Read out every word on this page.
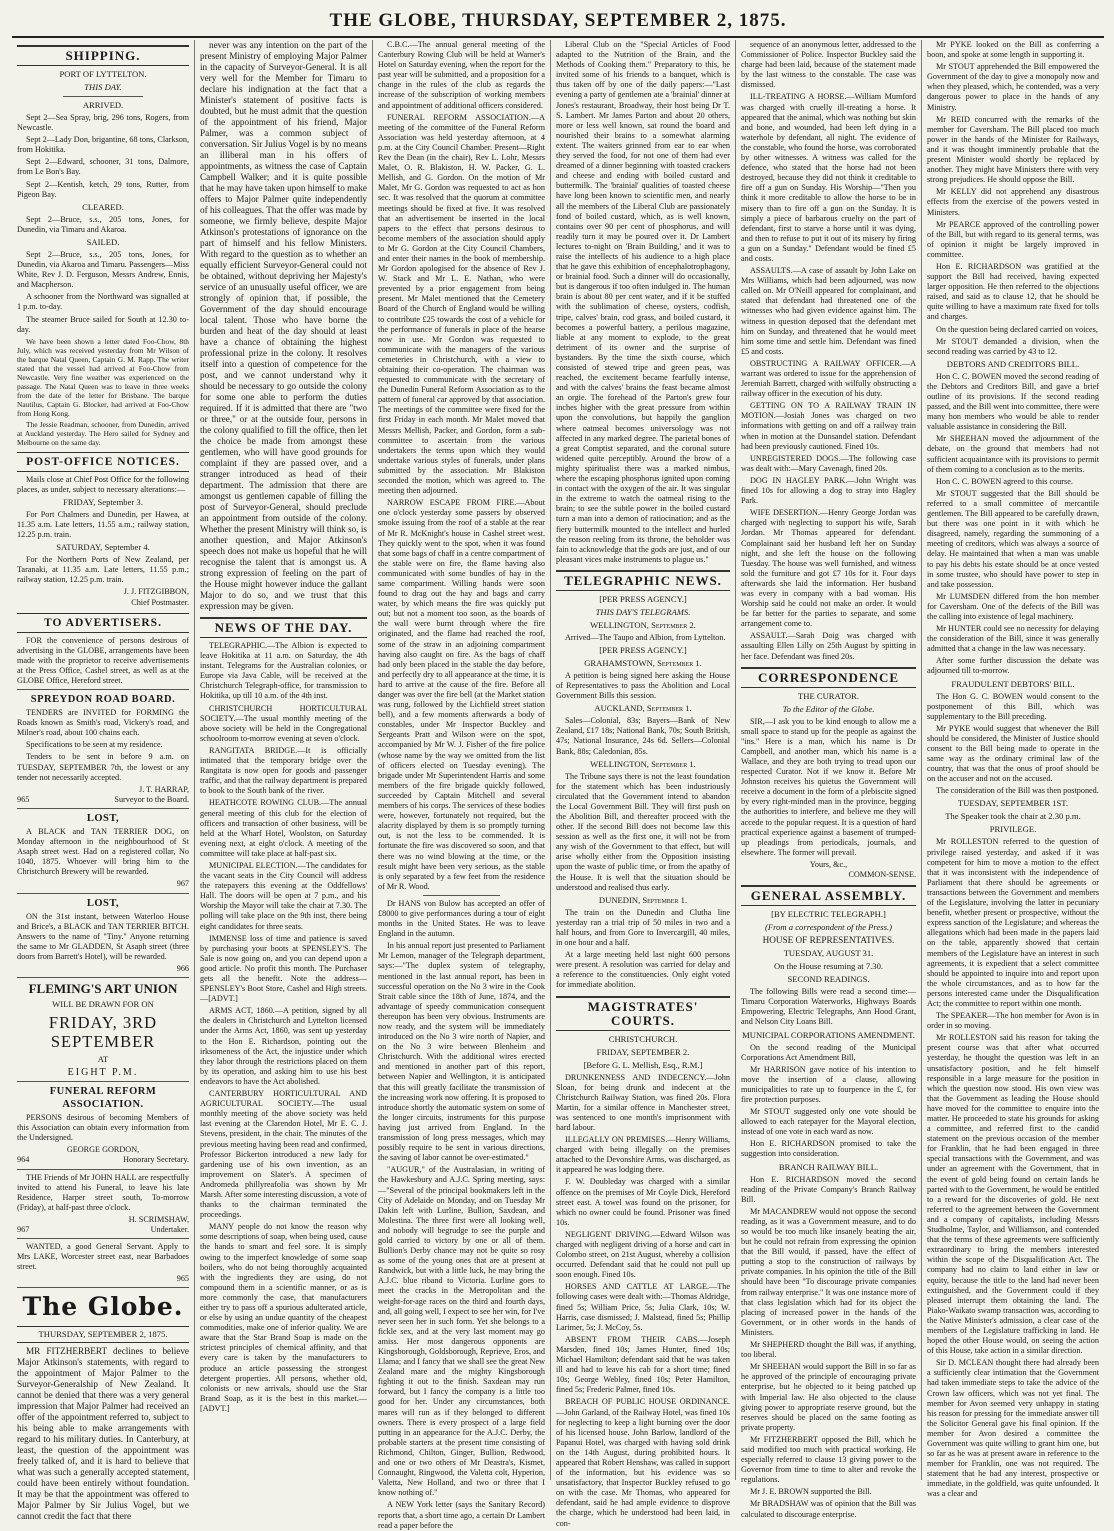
THE GLOBE, THURSDAY, SEPTEMBER 2, 1875.
SHIPPING.
PORT OF LYTTELTON.
THIS DAY.
ARRIVED.
Sept 2—Sea Spray, brig, 296 tons, Rogers, from Newcastle.
Sept 2—Lady Don, brigantine, 68 tons, Clarkson, from Hokitika.
Sept 2—Edward, schooner, 31 tons, Dalmore, from Le Bon's Bay.
Sept 2—Kentish, ketch, 29 tons, Rutter, from Pigeon Bay.
CLEARED.
Sept 2—Bruce, s.s., 205 tons, Jones, for Dunedin, via Timaru and Akaroa.
SAILED.
Sept 2—Bruce, s.s., 205 tons, Jones, for Dunedin, via Akaroa and Timaru. Passengers—Miss White, Rev J. D. Ferguson, Messrs Andrew, Ennis, and Macpherson.
A schooner from the Northward was signalled at 1 p.m. to-day.
The steamer Bruce sailed for South at 12.30 to-day.
We have been shown a letter dated Foo-Chow, 8th July, which was received yesterday from Mr Wilson of the barque Natal Queen, Captain G. M. Rapp. The writer stated that the vessel had arrived at Foo-Chow from Newcastle. Very fine weather was experienced on the passage. The Natal Queen was to leave in three weeks from the date of the letter for Brisbane. The barque Nautilus, Captain G. Blocker, had arrived at Foo-Chow from Hong Kong.
The Jessie Readman, schooner, from Dunedin, arrived at Auckland yesterday. The Hero sailed for Sydney and Melbourne on the same day.
POST-OFFICE NOTICES.
Mails close at Chief Post Office for the following places, as under, subject to necessary alterations:—
FRIDAY, September 3.
For Port Chalmers and Dunedin, per Hawea, at 11.35 a.m. Late letters, 11.55 a.m.; railway station, 12.25 p.m. train.
SATURDAY, September 4.
For the Northern Ports of New Zealand, per Taranaki, at 11.35 a.m. Late letters, 11.55 p.m.; railway station, 12.25 p.m. train.
J. J. FITZGIBBON,
Chief Postmaster.
TO ADVERTISERS.
FOR the convenience of persons desirous of advertising in the GLOBE, arrangements have been made with the proprietor to receive advertisements at the Press Office, Cashel street, as well as at the GLOBE Office, Hereford street.
SPREYDON ROAD BOARD.
TENDERS are INVITED for FORMING the Roads known as Smith's road, Vickery's road, and Milner's road, about 100 chains each.
Specifications to be seen at my residence.
Tenders to be sent in before 9 a.m. on TUESDAY, SEPTEMBER 7th, the lowest or any tender not necessarily accepted.
J. T. HARRAP,
965	Surveyor to the Board.
LOST,
A BLACK and TAN TERRIER DOG, on Monday afternoon in the neighbourhood of St Asaph street west. Had on a registered collar, No 1040, 1875. Whoever will bring him to the Christchurch Brewery will be rewarded.
967
LOST,
ON the 31st instant, between Waterloo House and Brice's, a BLACK and TAN TERRIER BITCH. Answers to the name of "Tiny." Anyone returning the same to Mr GLADDEN, St Asaph street (three doors from Barrett's Hotel), will be rewarded.
966
FLEMING'S ART UNION
WILL BE DRAWN FOR ON
FRIDAY, 3RD SEPTEMBER
AT
EIGHT P.M.
FUNERAL REFORM ASSOCIATION.
PERSONS desirous of becoming Members of this Association can obtain every information from the Undersigned.
GEORGE GORDON,
964	Honorary Secretary.
THE Friends of Mr JOHN HALL are respectfully invited to attend his Funeral, to leave his late Residence, Harper street south, To-morrow (Friday), at half-past three o'clock.
H. SCRIMSHAW,
967	Undertaker.
WANTED, a good General Servant. Apply to Mrs LAKE, Worcester street east, near Barbadoes street.
965
The Globe.
THURSDAY, SEPTEMBER 2, 1875.
MR FITZHERBERT declines to believe Major Atkinson's statements, with regard to the appointment of Major Palmer to the Surveyor-Generalship of New Zealand. It cannot be denied that there was a very general impression that Major Palmer had received an offer of the appointment referred to, subject to his being able to make arrangements with regard to his military duties. In Canterbury, at least, the question of the appointment was freely talked of, and it is hard to believe that what was such a generally accepted statement, could have been entirely without foundation. It may be that the appointment was offered to Major Palmer by Sir Julius Vogel, but we cannot credit the fact that there
never was any intention on the part of the present Ministry of employing Major Palmer in the capacity of Surveyor-General. It is all very well for the Member for Timaru to declare his indignation at the fact that a Minister's statement of positive facts is doubted, but he must admit that the question of the appointment of his friend, Major Palmer, was a common subject of conversation. Sir Julius Vogel is by no means an illiberal man in his offers of appointments, as witness the case of Captain Campbell Walker; and it is quite possible that he may have taken upon himself to make offers to Major Palmer quite independently of his colleagues. That the offer was made by someone, we firmly believe, despite Major Atkinson's protestations of ignorance on the part of himself and his fellow Ministers. With regard to the question as to whether an equally efficient Surveyor-General could not be obtained, without depriving her Majesty's service of an unusually useful officer, we are strongly of opinion that, if possible, the Government of the day should encourage local talent. Those who have borne the burden and heat of the day should at least have a chance of obtaining the highest professional prize in the colony. It resolves itself into a question of competence for the post, and we cannot understand why it should be necessary to go outside the colony for some one able to perform the duties required. If it is admitted that there are "two or three," or at the outside four, persons in the colony qualified to fill the office, then let the choice be made from amongst these gentlemen, who will have good grounds for complaint if they are passed over, and a stranger introduced as head of their department. The admission that there are amongst us gentlemen capable of filling the post of Surveyor-General, should preclude an appointment from outside of the colony. Whether the present Ministry will think so, is another question, and Major Atkinson's speech does not make us hopeful that he will recognise the talent that is amongst us. A strong expression of feeling on the part of the House might however induce the gallant Major to do so, and we trust that this expression may be given.
NEWS OF THE DAY.
TELEGRAPHIC.—The Albion is expected to leave Hokitika at 11 a.m. on Saturday, the 4th instant. Telegrams for the Australian colonies, or Europe via Java Cable, will be received at the Christchurch Telegraph-office, for transmission to Hokitika, up till 10 a.m. of the 4th inst.
CHRISTCHURCH HORTICULTURAL SOCIETY.—The usual monthly meeting of the above society will be held in the Congregational schoolroom to-morrow evening at seven o'clock.
RANGITATA BRIDGE.—It is officially intimated that the temporary bridge over the Rangitata is now open for goods and passenger traffic, and that the railway department is prepared to book to the South bank of the river.
HEATHCOTE ROWING CLUB.—The annual general meeting of this club for the election of officers and transaction of other business, will be held at the Wharf Hotel, Woolston, on Saturday evening next, at eight o'clock. A meeting of the committee will take place at half-past six.
MUNICIPAL ELECTION.—The candidates for the vacant seats in the City Council will address the ratepayers this evening at the Oddfellows' Hall. The doors will be open at 7 p.m., and his Worship the Mayor will take the chair at 7.30. The polling will take place on the 9th inst, there being eight candidates for three seats.
IMMENSE loss of time and patience is saved by purchasing your boots at SPENSLEY'S. The Sale is now going on, and you can depend upon a good article. No profit this month. The Purchaser gets all the benefit. Note the address—SPENSLEY's Boot Store, Cashel and High streets.—[ADVT.]
ARMS ACT, 1860.—A petition, signed by all the dealers in Christchurch and Lyttelton licensed under the Arms Act, 1860, was sent up yesterday to the Hon E. Richardson, pointing out the irksomeness of the Act, the injustice under which they labor through the restrictions placed on them by its operation, and asking him to use his best endeavors to have the Act abolished.
CANTERBURY HORTICULTURAL AND AGRICULTURAL SOCIETY.—The usual monthly meeting of the above society was held last evening at the Clarendon Hotel, Mr E. C. J. Stevens, president, in the chair. The minutes of the previous meeting having been read and confirmed, Professor Bickerton introduced a new lady for gardening use of his own invention, as an improvement on Slater's. A specimen of Andromeda phillyreafolia was shown by Mr Marsh. After some interesting discussion, a vote of thanks to the chairman terminated the proceedings.
MANY people do not know the reason why some descriptions of soap, when being used, cause the hands to smart and feel sore. It is simply owing to the imperfect knowledge of some soap boilers, who do not being thoroughly acquainted with the ingredients they are using, do not compound them in a scientific manner, or as is more commonly the case, that manufacturers either try to pass off a spurious adulterated article, or else by using an undue quantity of the cheapest commodities, make one of inferior quality. We are aware that the Star Brand Soap is made on the strictest principles of chemical affinity, and that every care is taken by the manufacturers to produce an article possessing the strongest detergent properties. All persons, whether old, colonists or new arrivals, should use the Star Brand Soap, as it is the best in this market.—[ADVT.]
C.B.C.—The annual general meeting of the Canterbury Rowing Club will be held at Warner's Hotel on Saturday evening, when the report for the past year will be submitted, and a proposition for a change in the rules of the club as regards the increase of the subscription of working members and appointment of additional officers considered.
FUNERAL REFORM ASSOCIATION.—A meeting of the committee of the Funeral Reform Association was held yesterday afternoon, at 4 p.m. at the City Council Chamber. Present—Right Rev the Dean (in the chair), Rev L. Lohr, Messrs Malet, O. R. Blakiston, H. W. Packer, G. L. Mellish, and G. Gordon. On the motion of Mr Malet, Mr G. Gordon was requested to act as hon sec. It was resolved that the quorum at committee meetings should be fixed at five. It was resolved that an advertisement be inserted in the local papers to the effect that persons desirous to become members of the association should apply to Mr G. Gordon at the City Council Chambers, and enter their names in the book of membership. Mr Gordon apologised for the absence of Rev J. W. Stack and Mr L. E. Nathan, who were prevented by a prior engagement from being present. Mr Malet mentioned that the Cemetery Board of the Church of England would be willing to contribute £25 towards the cost of a vehicle for the performance of funerals in place of the hearse now in use. Mr Gordon was requested to communicate with the managers of the various cemeteries in Christchurch, with a view to obtaining their co-operation. The chairman was requested to communicate with the secretary of the Dunedin Funeral Reform Association as to the pattern of funeral car approved by that association. The meetings of the committee were fixed for the first Friday in each month. Mr Malet moved that Messrs Mellish, Packer, and Gordon, form a sub-committee to ascertain from the various undertakers the terms upon which they would undertake various styles of funerals, under plans submitted by the association. Mr Blakiston seconded the motion, which was agreed to. The meeting then adjourned.
NARROW ESCAPE FROM FIRE.—About one o'clock yesterday some passers by observed smoke issuing from the roof of a stable at the rear of Mr R. McKnight's house in Cashel street west. They quickly went to the spot, when it was found that some bags of chaff in a centre compartment of the stable were on fire, the flame having also communicated with some bundles of hay in the same compartment. Willing hands were soon found to drag out the hay and bags and carry water, by which means the fire was quickly put out; but not a moment too soon, as the boards of the wall were burnt through where the fire originated, and the flame had reached the roof, some of the straw in an adjoining compartment having also caught on fire. As the bags of chaff had only been placed in the stable the day before, and perfectly dry to all appearance at the time, it is hard to arrive at the cause of the fire. Before all danger was over the fire bell (at the Market station was rung, followed by the Lichfield street station bell), and a few moments afterwards a body of constables, under Mr Inspector Buckley and Sergeants Pratt and Wilson were on the spot, accompanied by Mr W. J. Fisher of the fire police (whose name by the way we omitted from the list of officers elected on Tuesday evening). The brigade under Mr Superintendent Harris and some members of the fire brigade quickly followed, succeeded by Captain Mitchell and several members of his corps. The services of these bodies were, however, fortunately not required, but the alacrity displayed by them is so promptly turning out, is not the less to be commended. It is fortunate the fire was discovered so soon, and that there was no wind blowing at the time, or the result might have been very serious, as the stable is only separated by a few feet from the residence of Mr R. Wood.
Dr HANS von Bulow has accepted an offer of £8000 to give performances during a tour of eight months in the United States. He was to leave England in the autumn.
In his annual report just presented to Parliament Mr Lemon, manager of the Telegraph department, says:—"The duplex system of telegraphy, mentioned in the last annual report, has been in successful operation on the No 3 wire in the Cook Strait cable since the 18th of June, 1874, and the advantage of speedy communication consequent thereupon has been very obvious. Instruments are now ready, and the system will be immediately introduced on the No 3 wire north of Napier, and on the No 3 wire between Blenheim and Christchurch. With the additional wires erected and mentioned in another part of this report, between Napier and Wellington, it is anticipated that this will greatly facilitate the transmission of the increasing work now offering. It is proposed to introduce shortly the automatic system on some of the longer circuits, instruments for this purpose having just arrived from England. In the transmission of long press messages, which may possibly require to be sent in various directions, the saving of labor cannot be over-estimated."
"AUGUR," of the Australasian, in writing of the Hawkesbury and A.J.C. Spring meeting, says:—"Several of the principal bookmakers left in the City of Adelaide on Monday, and on Tuesday Mr Dakin left with Lurline, Bullion, Saxdean, and Molestina. The three first were all looking well, and nobody will begrudge to see the purple and gold carried to victory by one or all of them. Bullion's Derby chance may not be quite so rosy as some of the young ones that are at present at Randwick, but with a little luck, he may bring the A.J.C. blue riband to Victoria. Lurline goes to meet the cracks in the Metropolitan and the weight-for-age races on the third and fourth days, and, all going well, I expect to see her win, for I've never seen her in such form. Yet she belongs to a fickle sex, and at the very last moment may go amiss. Her most dangerous opponents are Kingsborough, Goldsborough, Reprieve, Eros, and Llama; and I fancy that we shall see the great New Zealand mare and the mighty Kingsborough fighting it out to the finish. Saxdean may run forward, but I fancy the company is a little too good for her. Under any circumstances, both mares will run as if they belonged to different owners. There is every prospect of a large field putting in an appearance for the A.J.C. Derby, the probable starters at the present time consisting of Richmond, Chilton, Ginger, Bullion, Redwood, and one or two others of Mr Deastra's, Kismet, Connaught, Ringwood, the Valetta colt, Hyperion, Valetta, New Holland, and two or three that I know nothing of."
A NEW York letter (says the Sanitary Record) reports that, a short time ago, a certain Dr Lambert read a paper before the
Liberal Club on the "Special Articles of Food adapted to the Nutrition of the Brain, and the Methods of Cooking them." Preparatory to this, he invited some of his friends to a banquet, which is thus taken off by one of the daily papers:—"Last evening a party of gentlemen ate a 'brainial' dinner at Jones's restaurant, Broadway, their host being Dr T. S. Lambert. Mr James Parton and about 20 others, more or less well known, sat round the board and nourished their brains to a somewhat alarming extent. The waiters grinned from ear to ear when they served the food, for not one of them had ever dreamed of a dinner beginning with toasted crackers and cheese and ending with boiled custard and buttermilk. The 'brainial' qualities of toasted cheese have long been known to scientific men, and nearly all the members of the Liberal Club are passionately fond of boiled custard, which, as is well known, contains over 90 per cent of phosphorus, and will readily turn it may be poured over it. Dr Lambert lectures to-night on 'Brain Building,' and it was to raise the intellects of his audience to a high place that he gave this exhibition of encephalotrophagony, or brainial food. Such a dinner will do occasionally, but is dangerous if too often indulged in. The human brain is about 80 per cent water, and if it be stuffed with the sublimation of cheese, oysters, codfish, tripe, calves' brain, cod grass, and boiled custard, it becomes a powerful battery, a perilous magazine, liable at any moment to explode, to the great detriment of its owner and the surprise of bystanders. By the time the sixth course, which consisted of stewed tripe and green peas, was reached, the excitement became fearfully intense, and with the calves' brains the feast became almost an orgie. The forehead of the Parton's grew four inches higher with the great pressure from within upon the convolutions, but happily the ganglion where oatmeal becomes universology was not affected in any marked degree. The parietal bones of a great Comptist separated, and the coronal suture widened quite perceptibly. Around the brow of a mighty spiritualist there was a marked nimbus, where the escaping phosphorus ignited upon coming in contact with the oxygen of the air. It was singular in the extreme to watch the oatmeal rising to the brain; to see the subtle power in the boiled custard turn a man into a demon of ratiocination; and as the fiery buttermilk mounted to the intellect and hurled the reason reeling from its throne, the beholder was fain to acknowledge that the gods are just, and of our pleasant vices make instruments to plague us."
TELEGRAPHIC NEWS.
[PER PRESS AGENCY.]
THIS DAY'S TELEGRAMS.
WELLINGTON, September 2.
Arrived—The Taupo and Albion, from Lyttelton.
[PER PRESS AGENCY.]
GRAHAMSTOWN, September 1.
A petition is being signed here asking the House of Representatives to pass the Abolition and Local Government Bills this session.
AUCKLAND, September 1.
Sales—Colonial, 83s; Bayers—Bank of New Zealand, £17 18s; National Bank, 70s; South British, 47s; National Insurance, 24s 6d. Sellers—Colonial Bank, 88s; Caledonian, 85s.
WELLINGTON, September 1.
The Tribune says there is not the least foundation for the statement which has been industriously circulated that the Government intend to abandon the Local Government Bill. They will first push on the Abolition Bill, and thereafter proceed with the other. If the second Bill does not become law this session as well as the first one, it will not be from any wish of the Government to that effect, but will arise wholly either from the Opposition insisting upon the waste of public time, or from the apathy of the House. It is well that the situation should be understood and realised thus early.
DUNEDIN, September 1.
The train on the Dunedin and Clutha line yesterday ran a trial trip of 50 miles in two and a half hours, and from Gore to Invercargill, 40 miles, in one hour and a half.
At a large meeting held last night 600 persons were present. A resolution was carried for delay and a reference to the constituencies. Only eight voted for immediate abolition.
MAGISTRATES' COURTS.
CHRISTCHURCH.
FRIDAY, SEPTEMBER 2.
[Before G. L. Mellish, Esq., R.M.]
DRUNKENNESS AND INDECENCY.—John Sloan, for being drunk and indecent at the Christchurch Railway Station, was fined 20s. Flora Martin, for a similar offence in Manchester street, was sentenced to one month's imprisonment with hard labour.
ILLEGALLY ON PREMISES.—Henry Williams, charged with being illegally on the premises attached to the Devonshire Arms, was discharged, as it appeared he was lodging there.
F. W. Doubleday was charged with a similar offence on the premises of Mr Coyle Dick, Hereford street east. A towel was found on the prisoner, for which no owner could be found. Prisoner was fined 10s.
NEGLIGENT DRIVING.—Edward Wilson was charged with negligent driving of a horse and cart in Colombo street, on 21st August, whereby a collision occurred. Defendant said that he could not pull up soon enough. Fined 10s.
HORSES AND CATTLE AT LARGE.—The following cases were dealt with:—Thomas Aldridge, fined 5s; William Price, 5s; Julia Clark, 10s; W. Harris, case dismissed; J. Malstead, fined 5s; Phillip Larimer, 5s; J. McCoy, 5s.
ABSENT FROM THEIR CABS.—Joseph Marsden, fined 10s; James Hunter, fined 10s; Michael Hamilton; defendant said that he was taken ill and had to leave his cab for a short time; fined 10s; George Webley, fined 10s; Peter Hamilton, fined 5s; Frederic Palmer, fined 10s.
BREACH OF PUBLIC HOUSE ORDINANCE.—John Garland, of the Railway Hotel, was fined 10s for neglecting to keep a light burning over the door of his licensed house. John Barlow, landlord of the Papanui Hotel, was charged with having sold drink on the 14th August, during prohibited hours. It appeared that Robert Henshaw, was called in support of the information, but his evidence was so unsatisfactory, that Inspector Buckley refused to go on with the case. Mr Thomas, who appeared for defendant, said he had ample evidence to disprove the charge, which he understood had been laid, in con-
sequence of an anonymous letter, addressed to the Commissioner of Police. Inspector Buckley said the charge had been laid, because of the statement made by the last witness to the constable. The case was dismissed.
ILL-TREATING A HORSE.—William Mumford was charged with cruelly ill-treating a horse. It appeared that the animal, which was nothing but skin and bone, and wounded, had been left dying in a waterhole by defendant, all night. The evidence of the constable, who found the horse, was corroborated by other witnesses. A witness was called for the defence, who stated that the horse had not been destroyed, because they did not think it creditable to fire off a gun on Sunday. His Worship—"Then you think it more creditable to allow the horse to be in misery than to fire off a gun on the Sunday. It is simply a piece of barbarous cruelty on the part of defendant, first to starve a horse until it was dying, and then to refuse to put it out of its misery by firing a gun on a Sunday." Defendant would be fined £5 and costs.
ASSAULTS.—A case of assault by John Lake on Mrs Williams, which had been adjourned, was now called on. Mr O'Neill appeared for complainant, and stated that defendant had threatened one of the witnesses who had given evidence against him. The witness in question deposed that the defendant met him on Sunday, and threatened that he would meet him some time and settle him. Defendant was fined £5 and costs.
OBSTRUCTING A RAILWAY OFFICER.—A warrant was ordered to issue for the apprehension of Jeremiah Barrett, charged with wilfully obstructing a railway officer in the execution of his duty.
GETTING ON TO A RAILWAY TRAIN IN MOTION.—Josiah Jones was charged on two informations with getting on and off a railway train when in motion at the Dunsandel station. Defendant had been previously cautioned. Fined 10s.
UNREGISTERED DOGS.—The following case was dealt with:—Mary Cavenagh, fined 20s.
DOG IN HAGLEY PARK.—John Wright was fined 10s for allowing a dog to stray into Hagley Park.
WIFE DESERTION.—Henry George Jordan was charged with neglecting to support his wife, Sarah Jordan. Mr Thomas appeared for defendant. Complainant said her husband left her on Sunday night, and she left the house on the following Tuesday. The house was well furnished, and witness sold the furniture and got £7 10s for it. Four days afterwards she laid the information. Her husband was every in company with a bad woman. His Worship said he could not make an order. It would be far better for the parties to separate, and some arrangement come to.
ASSAULT.—Sarah Doig was charged with assaulting Ellen Lilly on 25th August by spitting in her face. Defendant was fined 20s.
CORRESPONDENCE
THE CURATOR.
To the Editor of the Globe.
SIR,—I ask you to be kind enough to allow me a small space to stand up for the people as against the "ins." Here is a man, which his name is Dr Campbell, and another man, which his name is a Wallace, and they are both trying to tread upon our respected Curator. Not if we know it. Before Mr Johnston receives his quietus the Government will receive a document in the form of a plebiscite signed by every right-minded man in the province, begging the authorities to interfere, and believe me they will accede to the popular request. It is a question of hard practical experience against a basement of trumped-up pleadings from periodicals, journals, and elsewhere. The former will prevail.
Yours, &c.,
COMMON-SENSE.
GENERAL ASSEMBLY.
[BY ELECTRIC TELEGRAPH.]
(From a correspondent of the Press.)
HOUSE OF REPRESENTATIVES.
TUESDAY, AUGUST 31.
On the House resuming at 7.30.
SECOND READINGS.
The following Bills were read a second time:—Timaru Corporation Waterworks, Highways Boards Empowering, Electric Telegraphs, Ann Hood Grant, and Nelson City Loans Bill.
MUNICIPAL CORPORATIONS AMENDMENT.
On the second reading of the Municipal Corporations Act Amendment Bill,
Mr HARRISON gave notice of his intention to move the insertion of a clause, allowing municipalities to rate up to fourpence in the £, for fire protection purposes.
Mr STOUT suggested only one vote should be allowed to each ratepayer for the Mayoral election, instead of one vote in each ward as now.
Hon E. RICHARDSON promised to take the suggestion into consideration.
BRANCH RAILWAY BILL.
Hon E. RICHARDSON moved the second reading of the Private Company's Branch Railway Bill.
Mr MACANDREW would not oppose the second reading, as it was a Government measure, and to do so would be too much like insanely beating the air, but he could not refrain from expressing the opinion that the Bill would, if passed, have the effect of putting a stop to the construction of railways by private companies. In his opinion the title of the Bill should have been "To discourage private companies from railway enterprise." It was one instance more of that class legislation which had for its object the placing of increased power in the hands of the Government, or in other words in the hands of Ministers.
Mr SHEPHERD thought the Bill was, if anything, too liberal.
Mr SHEEHAN would support the Bill in so far as he approved of the principle of encouraging private enterprise, but he objected to it being patched up with Imperial law. He also objected to the clause giving power to appropriate reserve ground, but the reserves should be placed on the same footing as private property.
Mr FITZHERBERT opposed the Bill, which he said modified too much with practical working. He especially referred to clause 13 giving power to the Governor from time to time to alter and revoke the regulations.
Mr J. E. BROWN supported the Bill.
Mr BRADSHAW was of opinion that the Bill was calculated to discourage enterprise.
Mr PYKE looked on the Bill as conferring a boon, and spoke at some length in supporting it.
Mr STOUT apprehended the Bill empowered the Government of the day to give a monopoly now and when they pleased, which, he contended, was a very dangerous power to place in the hands of any Ministry.
Mr REID concurred with the remarks of the member for Caversham. The Bill placed too much power in the hands of the Minister for Railways, and it was thought imminently probable that the present Minister would shortly be replaced by another. They might have Ministers there with very strong prejudices. He should oppose the Bill.
Mr KELLY did not apprehend any disastrous effects from the exercise of the powers vested in Ministers.
Mr PEARCE approved of the controlling power of the Bill, but with regard to its general terms, was of opinion it might be largely improved in committee.
Hon E. RICHARDSON was gratified at the support the Bill had received, having expected larger opposition. He then referred to the objections raised, and said as to clause 12, that he should be quite willing to have a maximum rate fixed for tolls and charges.
On the question being declared carried on voices,
Mr STOUT demanded a division, when the second reading was carried by 43 to 12.
DEBTORS AND CREDITORS BILL.
Hon C. C. BOWEN moved the second reading of the Debtors and Creditors Bill, and gave a brief outline of its provisions. If the second reading passed, and the Bill went into committee, there were many hon members who would be able to render valuable assistance in considering the Bill.
Mr SHEEHAN moved the adjournment of the debate, on the ground that members had not sufficient acquaintance with its provisions to permit of them coming to a conclusion as to the merits.
Hon C. C. BOWEN agreed to this course.
Mr STOUT suggested that the Bill should be referred to a small committee of mercantile gentlemen. The Bill appeared to be carefully drawn, but there was one point in it with which he disagreed, namely, regarding the summoning of a meeting of creditors, which was always a source of delay. He maintained that when a man was unable to pay his debts his estate should be at once vested in some trustee, who should have power to step in and take possession.
Mr LUMSDEN differed from the hon member for Caversham. One of the defects of the Bill was the calling into existence of legal machinery.
Mr HUNTER could see no necessity for delaying the consideration of the Bill, since it was generally admitted that a change in the law was necessary.
After some further discussion the debate was adjourned till to-morrow.
FRAUDULENT DEBTORS' BILL.
The Hon G. C. BOWEN would consent to the postponement of this Bill, which was supplementary to the Bill preceding.
Mr PYKE would suggest that whenever the Bill should be considered, the Minister of Justice should consent to the Bill being made to operate in the same way as the ordinary criminal law of the country, that was that the onus of proof should be on the accuser and not on the accused.
The consideration of the Bill was then postponed.
TUESDAY, SEPTEMBER 1ST.
The Speaker took the chair at 2.30 p.m.
PRIVILEGE.
Mr ROLLESTON referred to the question of privilege raised yesterday, and asked if it was competent for him to move a motion to the effect that it was inconsistent with the independence of Parliament that there should be agreements or transactions between the Government and members of the Legislature, involving the latter in pecuniary benefit, whether present or prospective, without the express sanction of the Legislature; and whereas the allegations which had been made in the papers laid on the table, apparently showed that certain members of the Legislature have an interest in such agreements, it is expedient that a select committee should be appointed to inquire into and report upon the whole circumstances, and as to how far the persons interested came under the Disqualification Act; the committee to report within one month.
The SPEAKER—The hon member for Avon is in order in so moving.
Mr ROLLESTON said his reason for taking the present course was that after what occurred yesterday, he thought the question was left in an unsatisfactory position, and he felt himself responsible in a large measure for the position in which the question now stood. His own view was that the Government as leading the House should have moved for the committee to enquire into the matter. He proceeded to state his grounds for asking a committee, and referred first to the candid statement on the previous occasion of the member for Franklin, that he had been engaged in three special transactions with the Government, and was under an agreement with the Government, that in the event of gold being found on certain lands he parted with to the Government, he would be entitled to a reward for the discoveries of gold. He next referred to the agreement between the Government and a company of capitalists, including Messrs Studholme, Taylor, and Williamson, and contended that the terms of these agreements were sufficiently extraordinary to bring the members interested within the scope of the Disqualification Act. The company had no claim to land either in law or equity, because the title to the land had never been extinguished, and the Government could if they pleased interrupt them obtaining the land. The Piako-Waikato swamp transaction was, according to the Native Minister's admission, a clear case of the members of the Legislature trafficking in land. He hoped the other House would, on seeing the action of this House, take action in a similar direction.
Sir D. MCLEAN thought there had already been a sufficiently clear intimation that the Government had taken immediate steps to take the advice of the Crown law officers, which was not yet final. The member for Avon seemed very unhappy in stating his reason for pressing for the immediate answer till the Solicitor General gave his final opinion. If the member for Avon desired a committee the Government was quite willing to grant him one, but so far as he was at present aware in reference to the member for Franklin, one was not required. The statement that he had any interest, prospective or immediate, in the goldfield, was quite unfounded. It was a clear and
